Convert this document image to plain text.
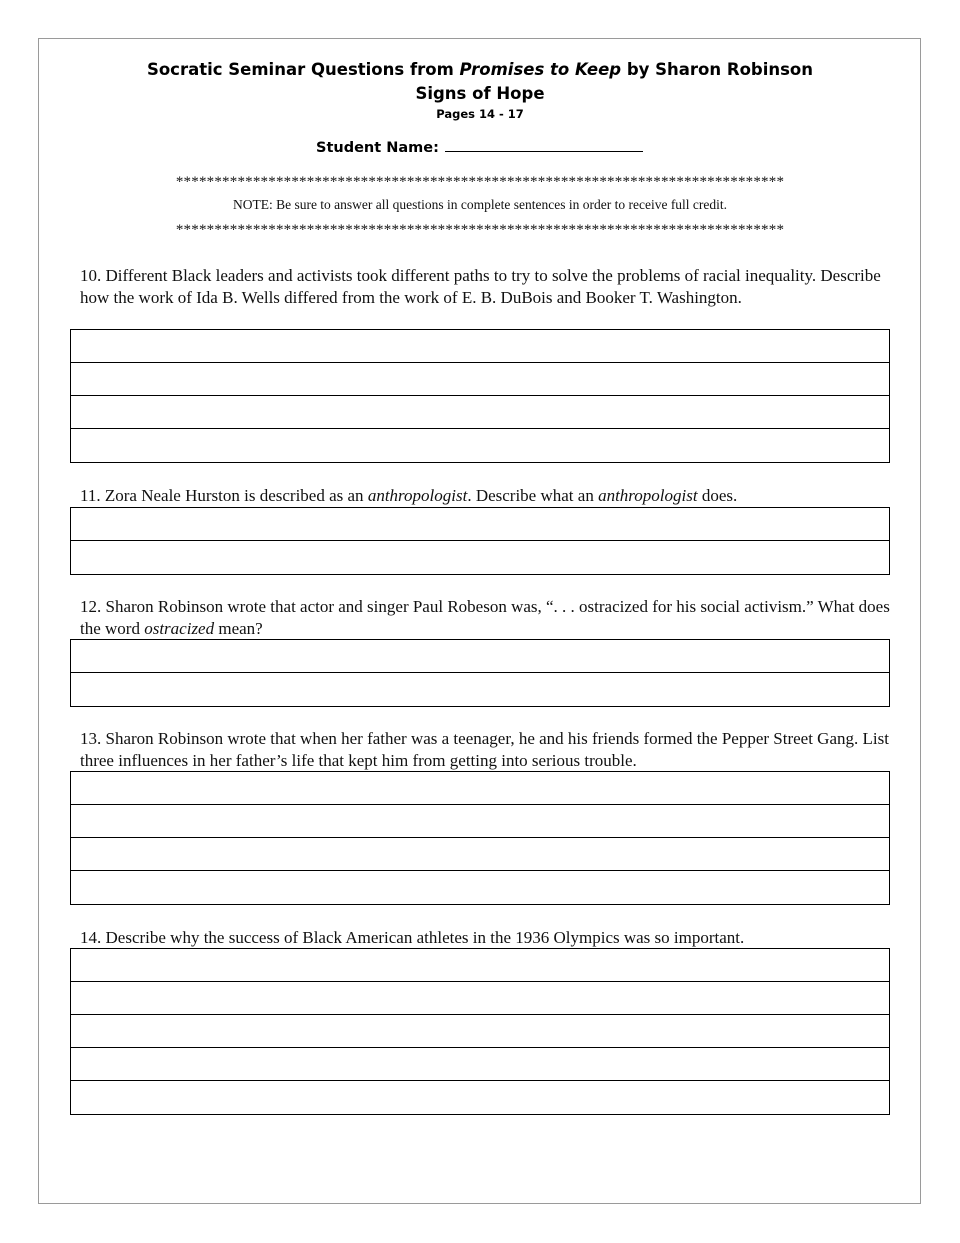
Socratic Seminar Questions from Promises to Keep by Sharon Robinson
Signs of Hope
Pages 14 - 17
Student Name:
*******************************************************************************
NOTE: Be sure to answer all questions in complete sentences in order to receive full credit.
*******************************************************************************
10. Different Black leaders and activists took different paths to try to solve the problems of racial inequality. Describe how the work of Ida B. Wells differed from the work of E. B. DuBois and Booker T. Washington.
11. Zora Neale Hurston is described as an anthropologist. Describe what an anthropologist does.
12. Sharon Robinson wrote that actor and singer Paul Robeson was, “. . . ostracized for his social activism.” What does the word ostracized mean?
13. Sharon Robinson wrote that when her father was a teenager, he and his friends formed the Pepper Street Gang. List three influences in her father’s life that kept him from getting into serious trouble.
14. Describe why the success of Black American athletes in the 1936 Olympics was so important.
